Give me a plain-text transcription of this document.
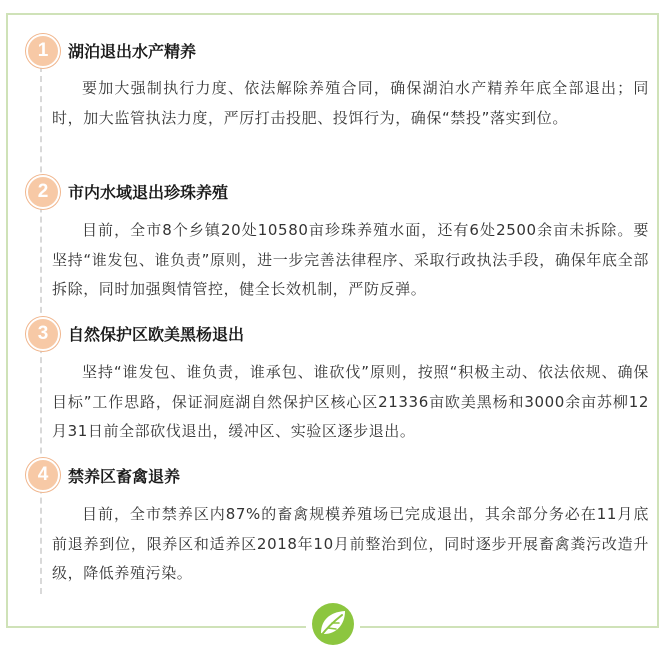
1	湖泊退出水产精养

要加大强制执行力度、依法解除养殖合同，确保湖泊水产精养年底全部退出；同时，加大监管执法力度，严厉打击投肥、投饵行为，确保“禁投”落实到位。

2	市内水域退出珍珠养殖

目前，全市8个乡镇20处10580亩珍珠养殖水面，还有6处2500余亩未拆除。要坚持“谁发包、谁负责”原则，进一步完善法律程序、采取行政执法手段，确保年底全部拆除，同时加强舆情管控，健全长效机制，严防反弹。

3	自然保护区欧美黑杨退出

坚持“谁发包、谁负责，谁承包、谁砍伐”原则，按照“积极主动、依法依规、确保目标”工作思路，保证洞庭湖自然保护区核心区21336亩欧美黑杨和3000余亩苏柳12月31日前全部砍伐退出，缓冲区、实验区逐步退出。

4	禁养区畜禽退养

目前，全市禁养区内87%的畜禽规模养殖场已完成退出，其余部分务必在11月底前退养到位，限养区和适养区2018年10月前整治到位，同时逐步开展畜禽粪污改造升级，降低养殖污染。
